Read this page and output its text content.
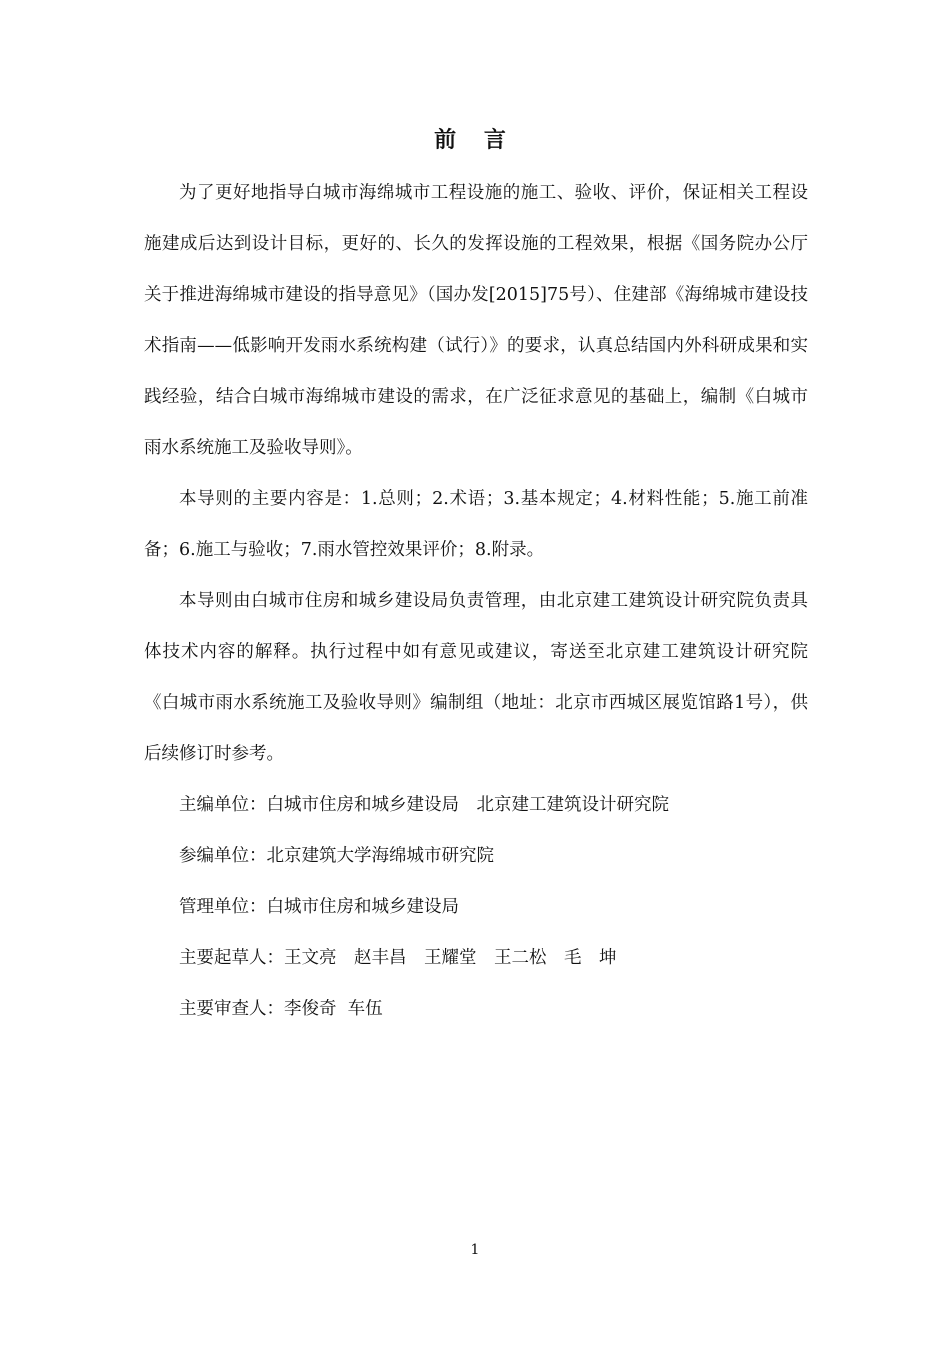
前 言

为了更好地指导白城市海绵城市工程设施的施工、验收、评价，保证相关工程设施建成后达到设计目标，更好的、长久的发挥设施的工程效果，根据《国务院办公厅关于推进海绵城市建设的指导意见》（国办发[2015]75号）、住建部《海绵城市建设技术指南——低影响开发雨水系统构建（试行）》的要求，认真总结国内外科研成果和实践经验，结合白城市海绵城市建设的需求，在广泛征求意见的基础上，编制《白城市雨水系统施工及验收导则》。

本导则的主要内容是：1.总则；2.术语；3.基本规定；4.材料性能；5.施工前准备；6.施工与验收；7.雨水管控效果评价；8.附录。

本导则由白城市住房和城乡建设局负责管理，由北京建工建筑设计研究院负责具体技术内容的解释。执行过程中如有意见或建议，寄送至北京建工建筑设计研究院《白城市雨水系统施工及验收导则》编制组（地址：北京市西城区展览馆路1号），供后续修订时参考。

主编单位：白城市住房和城乡建设局　北京建工建筑设计研究院

参编单位：北京建筑大学海绵城市研究院

管理单位：白城市住房和城乡建设局

主要起草人：王文亮　赵丰昌　王耀堂　王二松　毛　坤

主要审查人：李俊奇  车伍

1
